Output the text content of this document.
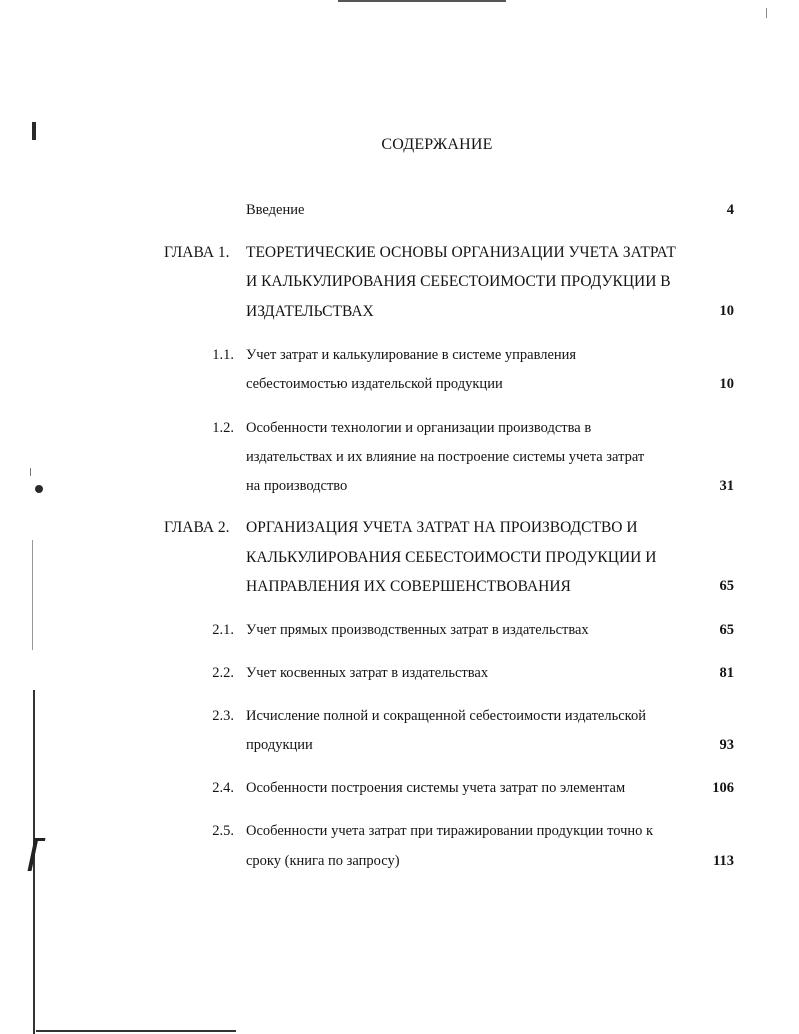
СОДЕРЖАНИЕ
Введение	4
ГЛАВА 1. ТЕОРЕТИЧЕСКИЕ ОСНОВЫ ОРГАНИЗАЦИИ УЧЕТА ЗАТРАТ
И КАЛЬКУЛИРОВАНИЯ СЕБЕСТОИМОСТИ ПРОДУКЦИИ В
ИЗДАТЕЛЬСТВАХ	10
1.1. Учет затрат и калькулирование в системе управления
себестоимостью издательской продукции	10
1.2. Особенности технологии и организации производства в
издательствах и их влияние на построение системы учета затрат
на производство	31
ГЛАВА 2. ОРГАНИЗАЦИЯ УЧЕТА ЗАТРАТ НА ПРОИЗВОДСТВО И
КАЛЬКУЛИРОВАНИЯ СЕБЕСТОИМОСТИ ПРОДУКЦИИ И
НАПРАВЛЕНИЯ ИХ СОВЕРШЕНСТВОВАНИЯ	65
2.1. Учет прямых производственных затрат в издательствах	65
2.2. Учет косвенных затрат в издательствах	81
2.3. Исчисление полной и сокращенной себестоимости издательской
продукции	93
2.4. Особенности построения системы учета затрат по элементам	106
2.5. Особенности учета затрат при тиражировании продукции точно к
сроку (книга по запросу)	113
